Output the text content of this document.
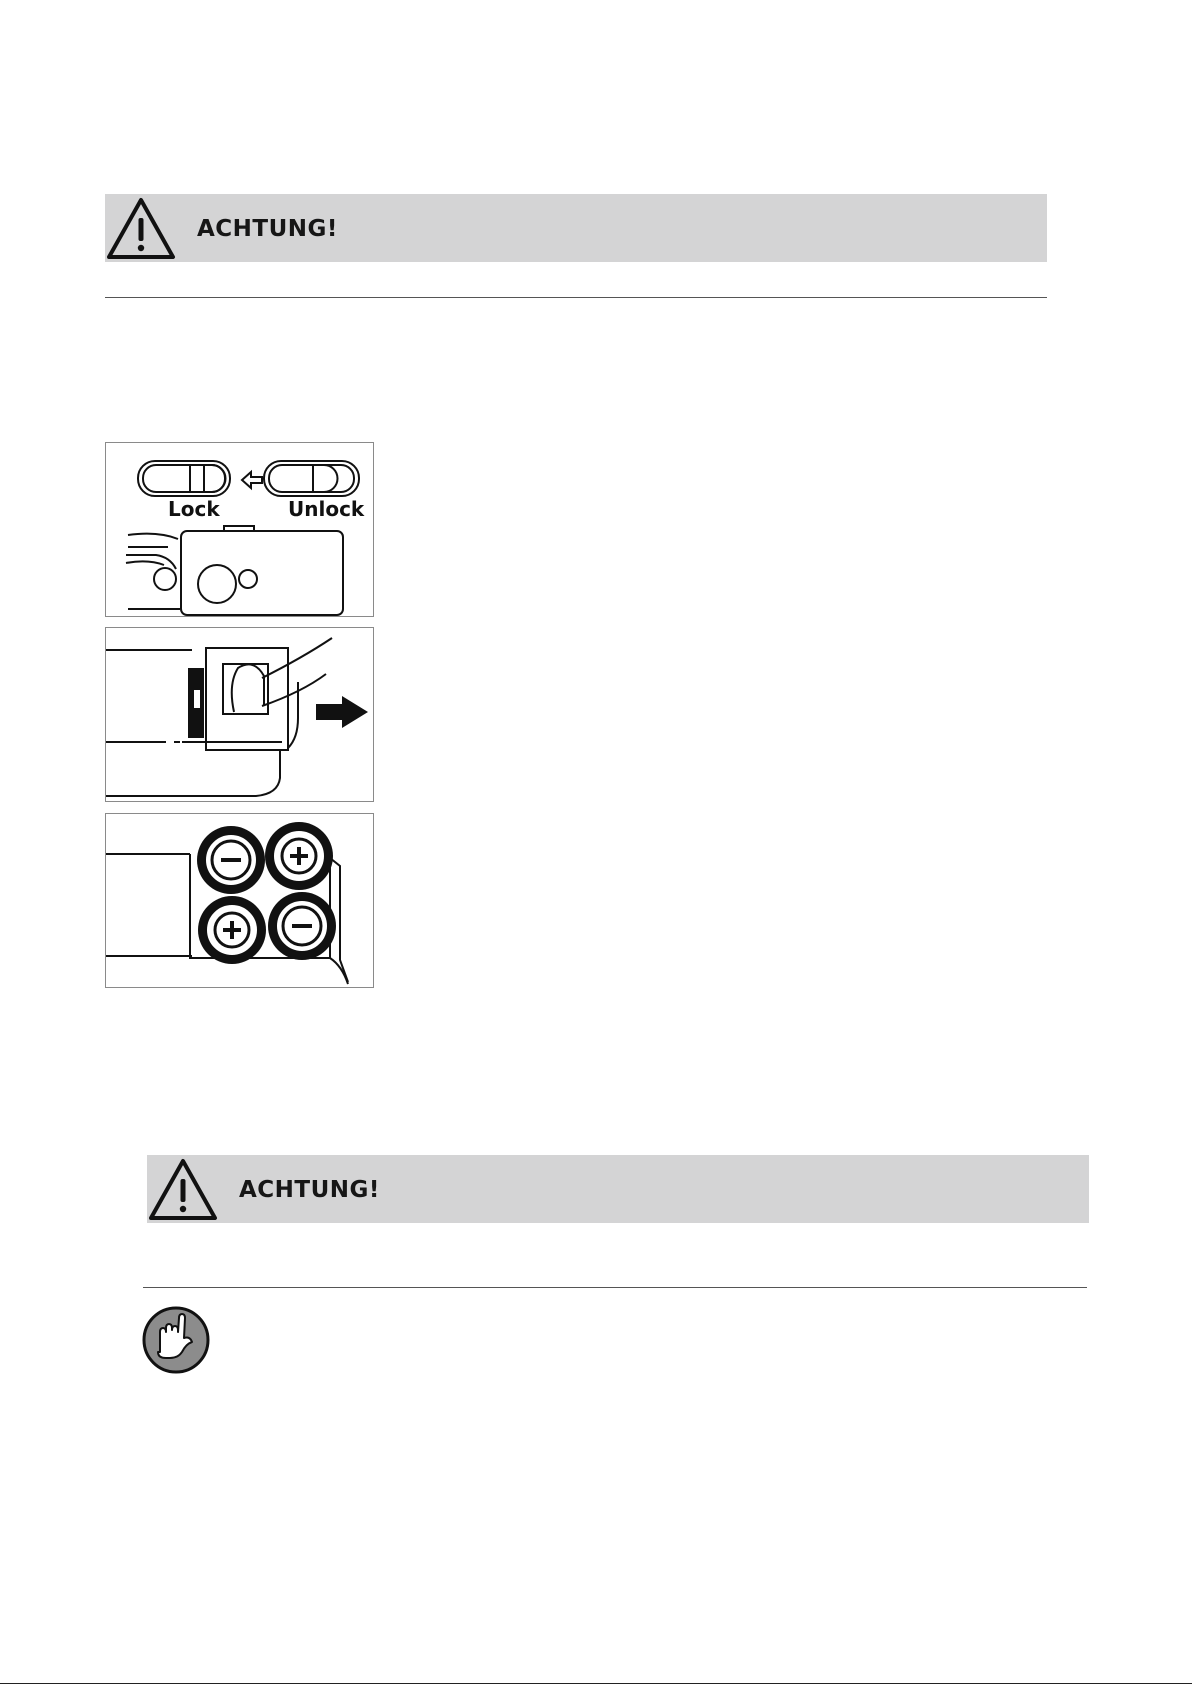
ACHTUNG!
Lock	Unlock
ACHTUNG!
